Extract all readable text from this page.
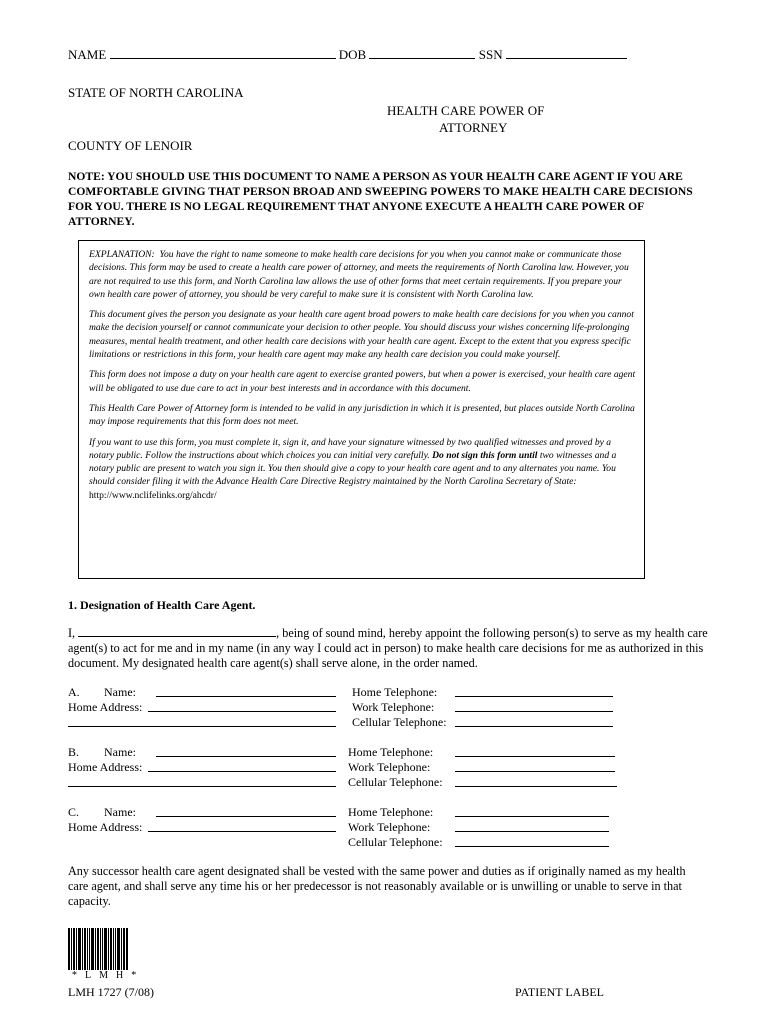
NAME	DOB	SSN
STATE OF NORTH CAROLINA
HEALTH CARE POWER OF
ATTORNEY
COUNTY OF LENOIR
NOTE: YOU SHOULD USE THIS DOCUMENT TO NAME A PERSON AS YOUR HEALTH CARE AGENT IF YOU ARE COMFORTABLE GIVING THAT PERSON BROAD AND SWEEPING POWERS TO MAKE HEALTH CARE DECISIONS FOR YOU. THERE IS NO LEGAL REQUIREMENT THAT ANYONE EXECUTE A HEALTH CARE POWER OF ATTORNEY.

EXPLANATION: You have the right to name someone to make health care decisions for you when you cannot make or communicate those decisions. This form may be used to create a health care power of attorney, and meets the requirements of North Carolina law. However, you are not required to use this form, and North Carolina law allows the use of other forms that meet certain requirements. If you prepare your own health care power of attorney, you should be very careful to make sure it is consistent with North Carolina law.

This document gives the person you designate as your health care agent broad powers to make health care decisions for you when you cannot make the decision yourself or cannot communicate your decision to other people. You should discuss your wishes concerning life-prolonging measures, mental health treatment, and other health care decisions with your health care agent. Except to the extent that you express specific limitations or restrictions in this form, your health care agent may make any health care decision you could make yourself.

This form does not impose a duty on your health care agent to exercise granted powers, but when a power is exercised, your health care agent will be obligated to use due care to act in your best interests and in accordance with this document.

This Health Care Power of Attorney form is intended to be valid in any jurisdiction in which it is presented, but places outside North Carolina may impose requirements that this form does not meet.

If you want to use this form, you must complete it, sign it, and have your signature witnessed by two qualified witnesses and proved by a notary public. Follow the instructions about which choices you can initial very carefully. Do not sign this form until two witnesses and a notary public are present to watch you sign it. You then should give a copy to your health care agent and to any alternates you name. You should consider filing it with the Advance Health Care Directive Registry maintained by the North Carolina Secretary of State: http://www.nclifelinks.org/ahcdr/

1. Designation of Health Care Agent.
I,	, being of sound mind, hereby appoint the following person(s) to serve as my health care agent(s) to act for me and in my name (in any way I could act in person) to make health care decisions for me as authorized in this document. My designated health care agent(s) shall serve alone, in the order named.
A. Name:
Home Address:
Home Telephone:
Work Telephone:
Cellular Telephone:
B. Name:
Home Address:
Home Telephone:
Work Telephone:
Cellular Telephone:
C. Name:
Home Address:
Home Telephone:
Work Telephone:
Cellular Telephone:
Any successor health care agent designated shall be vested with the same power and duties as if originally named as my health care agent, and shall serve any time his or her predecessor is not reasonably available or is unwilling or unable to serve in that capacity.
*LMH*
LMH 1727 (7/08)	PATIENT LABEL
